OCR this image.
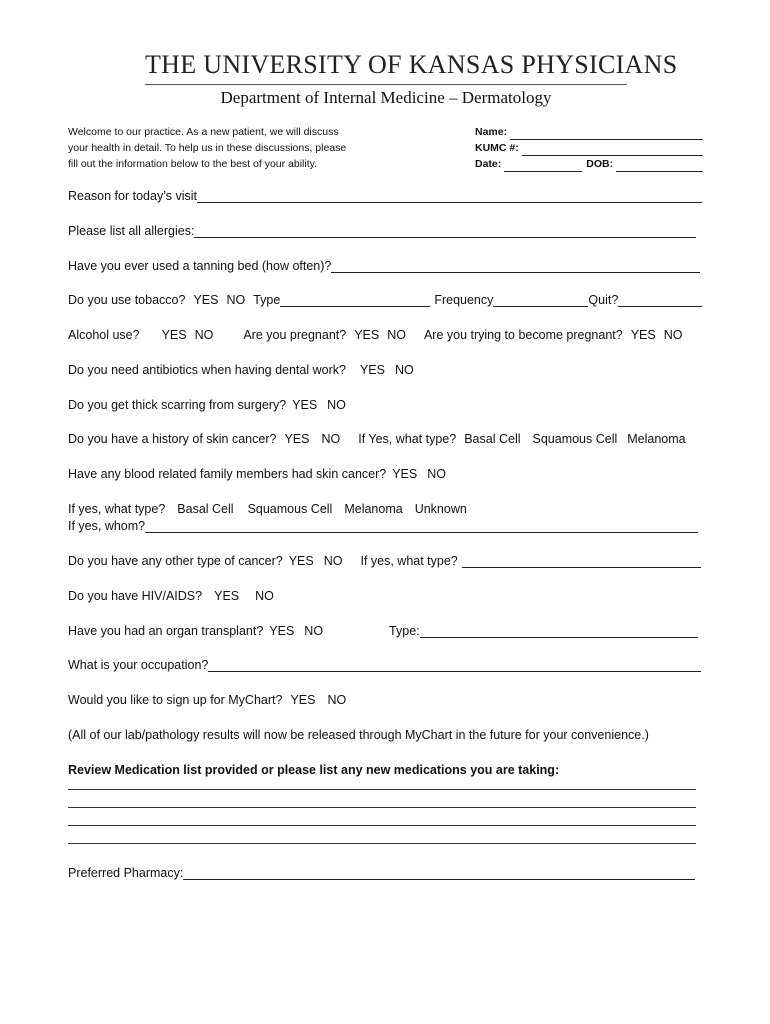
THE UNIVERSITY OF KANSAS PHYSICIANS
Department of Internal Medicine – Dermatology
Welcome to our practice. As a new patient, we will discuss
your health in detail. To help us in these discussions, please
fill out the information below to the best of your ability.
Name:
KUMC #:
Date:	DOB:
Reason for today’s visit
Please list all allergies:
Have you ever used a tanning bed (how often)?
Do you use tobacco? YES NO Type	Frequency	Quit?
Alcohol use? YES NO Are you pregnant? YES NO Are you trying to become pregnant? YES NO
Do you need antibiotics when having dental work? YES NO
Do you get thick scarring from surgery? YES NO
Do you have a history of skin cancer? YES NO If Yes, what type? Basal Cell Squamous Cell Melanoma
Have any blood related family members had skin cancer? YES NO
If yes, what type? Basal Cell Squamous Cell Melanoma Unknown
If yes, whom?
Do you have any other type of cancer? YES NO If yes, what type?
Do you have HIV/AIDS? YES NO
Have you had an organ transplant? YES NO	Type:
What is your occupation?
Would you like to sign up for MyChart? YES NO
(All of our lab/pathology results will now be released through MyChart in the future for your convenience.)
Review Medication list provided or please list any new medications you are taking:
Preferred Pharmacy:
